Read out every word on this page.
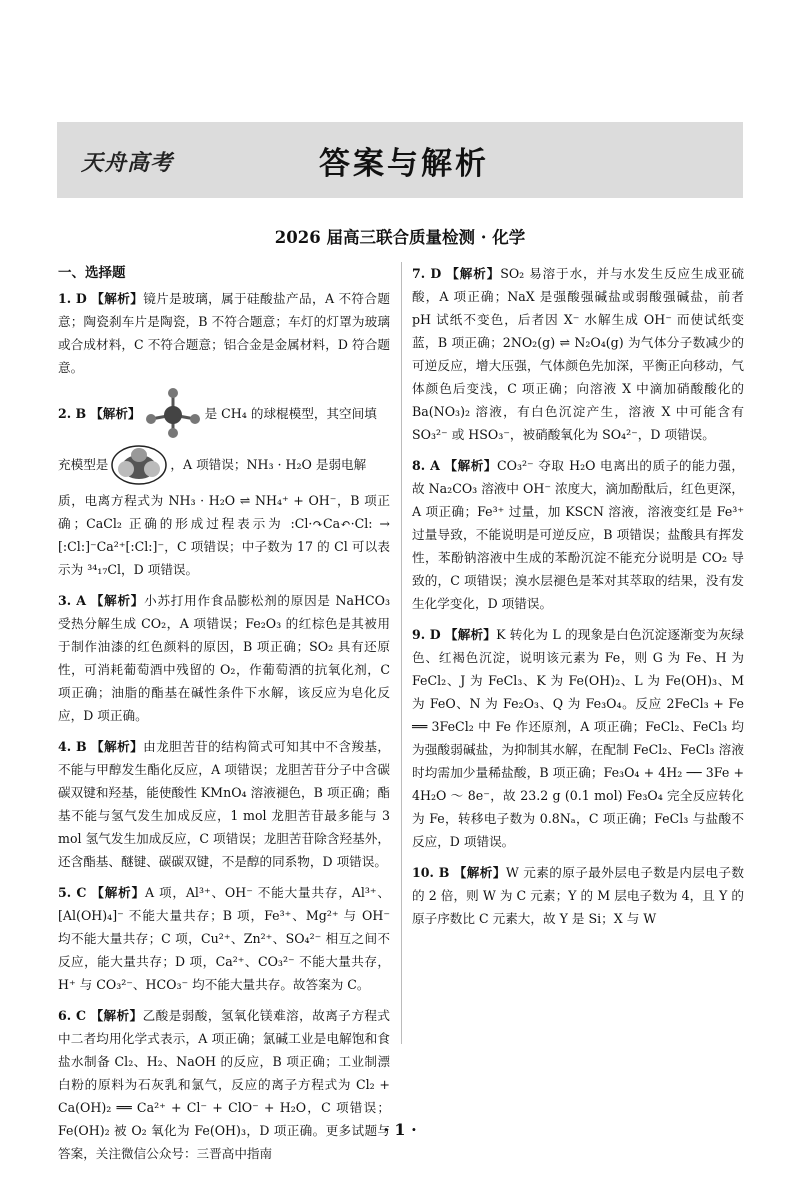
天舟高考	答案与解析
2026 届高三联合质量检测 · 化学
一、选择题

1. D 【解析】镜片是玻璃，属于硅酸盐产品，A 不符合题意；陶瓷刹车片是陶瓷，B 不符合题意；车灯的灯罩为玻璃或合成材料，C 不符合题意；铝合金是金属材料，D 符合题意。

2. B
【解析】	是 CH₄ 的球棍模型，其空间填
充模型是	，A 项错误；NH₃ · H₂O 是弱电解

质，电离方程式为 NH₃ · H₂O ⇌ NH₄⁺ + OH⁻，B 项正确；CaCl₂ 正确的形成过程表示为 :Cl·↷Ca↶·Cl: → [:Cl:]⁻Ca²⁺[:Cl:]⁻，C 项错误；中子数为 17 的 Cl 可以表示为 ³⁴₁₇Cl，D 项错误。

3. A 【解析】小苏打用作食品膨松剂的原因是 NaHCO₃ 受热分解生成 CO₂，A 项错误；Fe₂O₃ 的红棕色是其被用于制作油漆的红色颜料的原因，B 项正确；SO₂ 具有还原性，可消耗葡萄酒中残留的 O₂，作葡萄酒的抗氧化剂，C 项正确；油脂的酯基在碱性条件下水解，该反应为皂化反应，D 项正确。

4. B 【解析】由龙胆苦苷的结构简式可知其中不含羧基，不能与甲醇发生酯化反应，A 项错误；龙胆苦苷分子中含碳碳双键和羟基，能使酸性 KMnO₄ 溶液褪色，B 项正确；酯基不能与氢气发生加成反应，1 mol 龙胆苦苷最多能与 3 mol 氢气发生加成反应，C 项错误；龙胆苦苷除含羟基外，还含酯基、醚键、碳碳双键，不是醇的同系物，D 项错误。

5. C 【解析】A 项，Al³⁺、OH⁻ 不能大量共存，Al³⁺、[Al(OH)₄]⁻ 不能大量共存；B 项，Fe³⁺、Mg²⁺ 与 OH⁻ 均不能大量共存；C 项，Cu²⁺、Zn²⁺、SO₄²⁻ 相互之间不反应，能大量共存；D 项，Ca²⁺、CO₃²⁻ 不能大量共存，H⁺ 与 CO₃²⁻、HCO₃⁻ 均不能大量共存。故答案为 C。

6. C 【解析】乙酸是弱酸，氢氧化镁难溶，故离子方程式中二者均用化学式表示，A 项正确；氯碱工业是电解饱和食盐水制备 Cl₂、H₂、NaOH 的反应，B 项正确；工业制漂白粉的原料为石灰乳和氯气，反应的离子方程式为 Cl₂ + Ca(OH)₂ ══ Ca²⁺ + Cl⁻ + ClO⁻ + H₂O，C 项错误；Fe(OH)₂ 被 O₂ 氧化为 Fe(OH)₃，D 项正确。更多试题与答案，关注微信公众号：三晋高中指南

7. D 【解析】SO₂ 易溶于水，并与水发生反应生成亚硫酸，A 项正确；NaX 是强酸强碱盐或弱酸强碱盐，前者 pH 试纸不变色，后者因 X⁻ 水解生成 OH⁻ 而使试纸变蓝，B 项正确；2NO₂(g) ⇌ N₂O₄(g) 为气体分子数减少的可逆反应，增大压强，气体颜色先加深，平衡正向移动，气体颜色后变浅，C 项正确；向溶液 X 中滴加硝酸酸化的 Ba(NO₃)₂ 溶液，有白色沉淀产生，溶液 X 中可能含有 SO₃²⁻ 或 HSO₃⁻，被硝酸氧化为 SO₄²⁻，D 项错误。

8. A 【解析】CO₃²⁻ 夺取 H₂O 电离出的质子的能力强，故 Na₂CO₃ 溶液中 OH⁻ 浓度大，滴加酚酞后，红色更深，A 项正确；Fe³⁺ 过量，加 KSCN 溶液，溶液变红是 Fe³⁺ 过量导致，不能说明是可逆反应，B 项错误；盐酸具有挥发性，苯酚钠溶液中生成的苯酚沉淀不能充分说明是 CO₂ 导致的，C 项错误；溴水层褪色是苯对其萃取的结果，没有发生化学变化，D 项错误。

9. D 【解析】K 转化为 L 的现象是白色沉淀逐渐变为灰绿色、红褐色沉淀，说明该元素为 Fe，则 G 为 Fe、H 为 FeCl₂、J 为 FeCl₃、K 为 Fe(OH)₂、L 为 Fe(OH)₃、M 为 FeO、N 为 Fe₂O₃、Q 为 Fe₃O₄。反应 2FeCl₃ + Fe ══ 3FeCl₂ 中 Fe 作还原剂，A 项正确；FeCl₂、FeCl₃ 均为强酸弱碱盐，为抑制其水解，在配制 FeCl₂、FeCl₃ 溶液时均需加少量稀盐酸，B 项正确；Fe₃O₄ + 4H₂ ── 3Fe + 4H₂O ～ 8e⁻，故 23.2 g (0.1 mol) Fe₃O₄ 完全反应转化为 Fe，转移电子数为 0.8Nₐ，C 项正确；FeCl₃ 与盐酸不反应，D 项错误。

10. B 【解析】W 元素的原子最外层电子数是内层电子数的 2 倍，则 W 为 C 元素；Y 的 M 层电子数为 4，且 Y 的原子序数比 C 元素大，故 Y 是 Si；X 与 W

· 1 ·
